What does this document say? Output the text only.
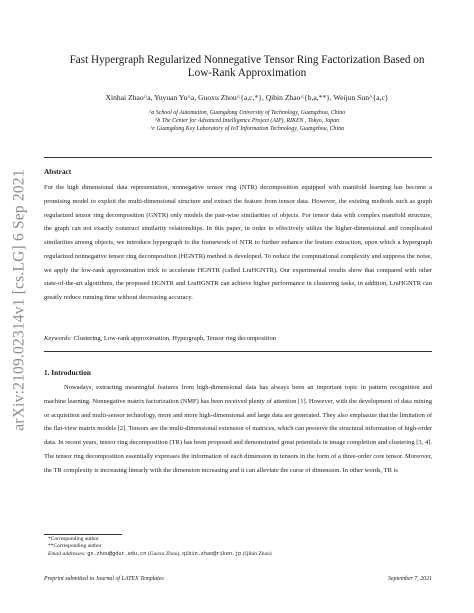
arXiv:2109.02314v1 [cs.LG] 6 Sep 2021
Fast Hypergraph Regularized Nonnegative Tensor Ring Factorization Based on
Low-Rank Approximation
Xinhai Zhao^a, Yuyuan Yu^a, Guoxu Zhou^{a,c,*}, Qibin Zhao^{b,a,**}, Weijun Sun^{a,c}
^a School of Automation, Guangdong University of Technology, Guangzhou, China
^b The Center for Advanced Intelligence Project (AIP), RIKEN , Tokyo, Japan
^c Guangdong Key Laboratory of IoT Information Technology, Guangzhou, China
Abstract
For the high dimensional data representation, nonnegative tensor ring (NTR) decomposition equipped with manifold learning has become a promising model to exploit the multi-dimensional structure and extract the feature from tensor data. However, the existing methods such as graph regularized tensor ring decomposition (GNTR) only models the pair-wise similarities of objects. For tensor data with complex manifold structure, the graph can not exactly construct similarity relationships. In this paper, in order to effectively utilize the higher-dimensional and complicated similarities among objects, we introduce hypergraph to the framework of NTR to further enhance the feature extraction, upon which a hypergraph regularized nonnegative tensor ring decomposition (HGNTR) method is developed. To reduce the computational complexity and suppress the noise, we apply the low-rank approximation trick to accelerate HGNTR (called LraHGNTR). Our experimental results show that compared with other state-of-the-art algorithms, the proposed HGNTR and LraHGNTR can achieve higher performance in clustering tasks, in addition, LraHGNTR can greatly reduce running time without decreasing accuracy.
Keywords: Clustering, Low-rank approximation, Hypergraph, Tensor ring decomposition
1. Introduction
Nowadays, extracting meaningful features from high-dimensional data has always been an important topic in pattern recognition and machine learning. Nonnegative matrix factorization (NMF) has been received plenty of attention [1]. However, with the development of data mining or acquisition and multi-sensor technology, more and more high-dimensional and large data are generated. They also emphasize that the limitation of the flat-view matrix models [2]. Tensors are the multi-dimensional extension of matrices, which can preserve the structural information of high-order data. In recent years, tensor ring decomposition (TR) has been proposed and demonstrated great potentials in image completion and clustering [3, 4]. The tensor ring decomposition essentially expresses the information of each dimension in tensors in the form of a three-order core tensor. Moreover, the TR complexity is increasing linearly with the dimension increasing and it can alleviate the curse of dimension. In other words, TR is
*Corresponding author
**Corresponding author
Email addresses: gx.zhou@gdut.edu.cn (Guoxu Zhou), qibin.zhao@riken.jp (Qibin Zhao)
Preprint submitted to Journal of LATEX Templates	September 7, 2021
